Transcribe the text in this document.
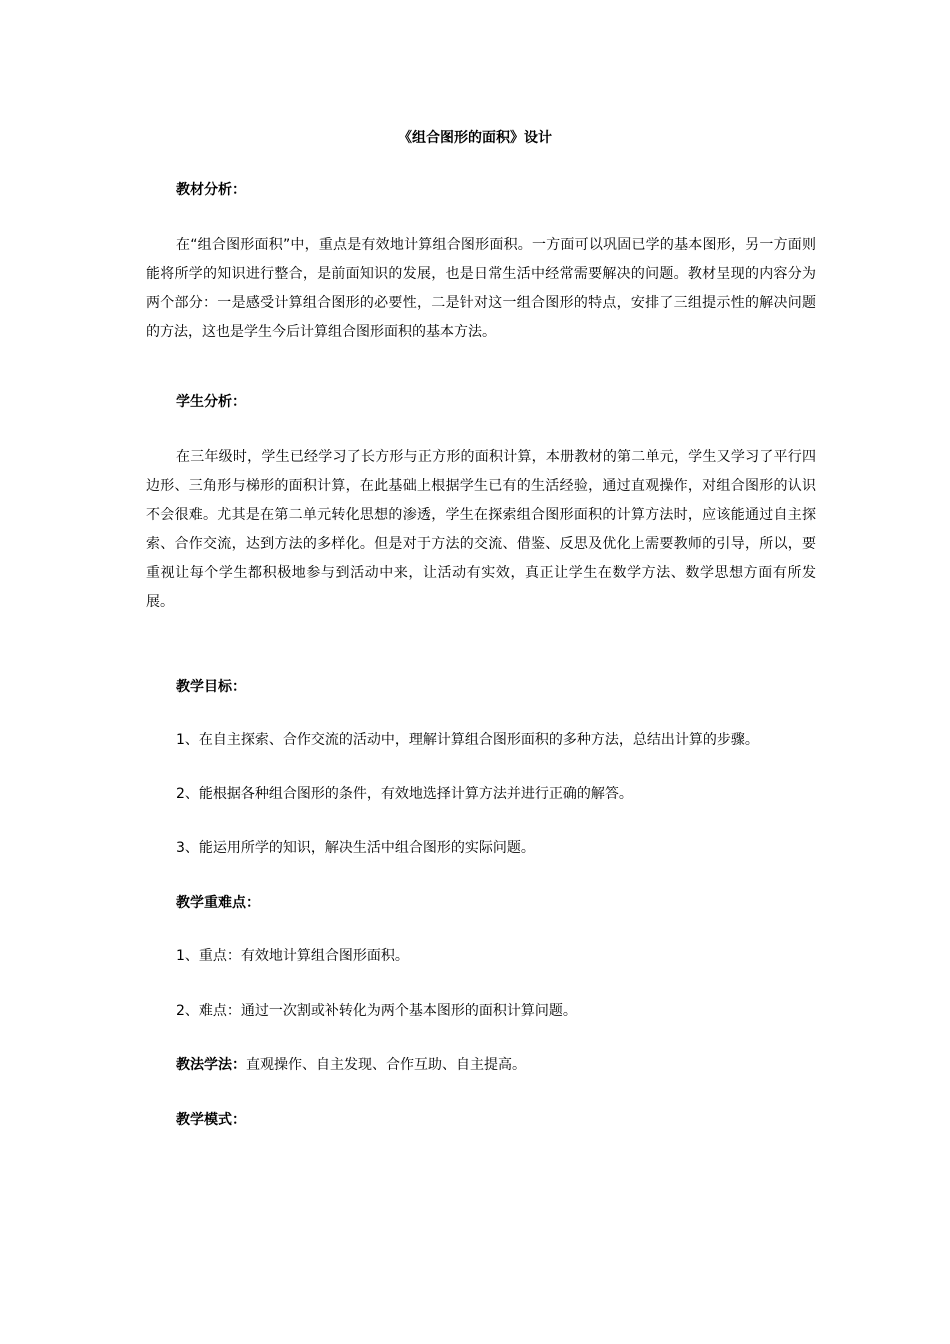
《组合图形的面积》设计
教材分析：
在“组合图形面积”中，重点是有效地计算组合图形面积。一方面可以巩固已学的基本图形，另一方面则能将所学的知识进行整合，是前面知识的发展，也是日常生活中经常需要解决的问题。教材呈现的内容分为两个部分：一是感受计算组合图形的必要性，二是针对这一组合图形的特点，安排了三组提示性的解决问题的方法，这也是学生今后计算组合图形面积的基本方法。
学生分析：
在三年级时，学生已经学习了长方形与正方形的面积计算，本册教材的第二单元，学生又学习了平行四边形、三角形与梯形的面积计算，在此基础上根据学生已有的生活经验，通过直观操作，对组合图形的认识不会很难。尤其是在第二单元转化思想的渗透，学生在探索组合图形面积的计算方法时，应该能通过自主探索、合作交流，达到方法的多样化。但是对于方法的交流、借鉴、反思及优化上需要教师的引导，所以，要重视让每个学生都积极地参与到活动中来，让活动有实效，真正让学生在数学方法、数学思想方面有所发展。
教学目标：
1、在自主探索、合作交流的活动中，理解计算组合图形面积的多种方法，总结出计算的步骤。
2、能根据各种组合图形的条件，有效地选择计算方法并进行正确的解答。
3、能运用所学的知识，解决生活中组合图形的实际问题。
教学重难点：
1、重点：有效地计算组合图形面积。
2、难点：通过一次割或补转化为两个基本图形的面积计算问题。
教法学法：直观操作、自主发现、合作互助、自主提高。
教学模式：
